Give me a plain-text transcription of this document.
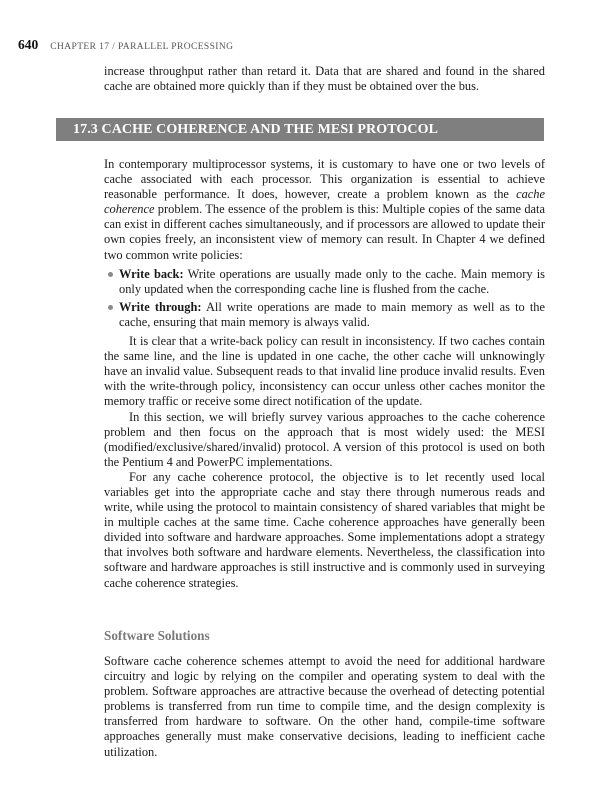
640 CHAPTER 17 / PARALLEL PROCESSING

increase throughput rather than retard it. Data that are shared and found in the shared cache are obtained more quickly than if they must be obtained over the bus.

17.3 CACHE COHERENCE AND THE MESI PROTOCOL

In contemporary multiprocessor systems, it is customary to have one or two levels of cache associated with each processor. This organization is essential to achieve reasonable performance. It does, however, create a problem known as the cache coherence problem. The essence of the problem is this: Multiple copies of the same data can exist in different caches simultaneously, and if processors are allowed to update their own copies freely, an inconsistent view of memory can result. In Chapter 4 we defined two common write policies:

Write back: Write operations are usually made only to the cache. Main memory is only updated when the corresponding cache line is flushed from the cache.
Write through: All write operations are made to main memory as well as to the cache, ensuring that main memory is always valid.

It is clear that a write-back policy can result in inconsistency. If two caches contain the same line, and the line is updated in one cache, the other cache will unknowingly have an invalid value. Subsequent reads to that invalid line produce invalid results. Even with the write-through policy, inconsistency can occur unless other caches monitor the memory traffic or receive some direct notification of the update.

In this section, we will briefly survey various approaches to the cache coherence problem and then focus on the approach that is most widely used: the MESI (modified/exclusive/shared/invalid) protocol. A version of this protocol is used on both the Pentium 4 and PowerPC implementations.

For any cache coherence protocol, the objective is to let recently used local variables get into the appropriate cache and stay there through numerous reads and write, while using the protocol to maintain consistency of shared variables that might be in multiple caches at the same time. Cache coherence approaches have generally been divided into software and hardware approaches. Some implementations adopt a strategy that involves both software and hardware elements. Nevertheless, the classification into software and hardware approaches is still instructive and is commonly used in surveying cache coherence strategies.

Software Solutions

Software cache coherence schemes attempt to avoid the need for additional hardware circuitry and logic by relying on the compiler and operating system to deal with the problem. Software approaches are attractive because the overhead of detecting potential problems is transferred from run time to compile time, and the design complexity is transferred from hardware to software. On the other hand, compile-time software approaches generally must make conservative decisions, leading to inefficient cache utilization.
